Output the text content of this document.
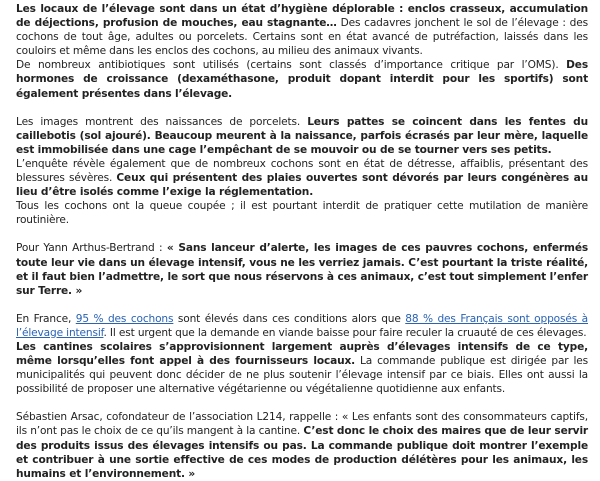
Les locaux de l’élevage sont dans un état d’hygiène déplorable : enclos crasseux, accumulation de déjections, profusion de mouches, eau stagnante… Des cadavres jonchent le sol de l’élevage : des cochons de tout âge, adultes ou porcelets. Certains sont en état avancé de putréfaction, laissés dans les couloirs et même dans les enclos des cochons, au milieu des animaux vivants.

De nombreux antibiotiques sont utilisés (certains sont classés d’importance critique par l’OMS). Des hormones de croissance (dexaméthasone, produit dopant interdit pour les sportifs) sont également présentes dans l’élevage.

Les images montrent des naissances de porcelets. Leurs pattes se coincent dans les fentes du caillebotis (sol ajouré). Beaucoup meurent à la naissance, parfois écrasés par leur mère, laquelle est immobilisée dans une cage l’empêchant de se mouvoir ou de se tourner vers ses petits.

L’enquête révèle également que de nombreux cochons sont en état de détresse, affaiblis, présentant des blessures sévères. Ceux qui présentent des plaies ouvertes sont dévorés par leurs congénères au lieu d’être isolés comme l’exige la réglementation.

Tous les cochons ont la queue coupée ; il est pourtant interdit de pratiquer cette mutilation de manière routinière.

Pour Yann Arthus-Bertrand : « Sans lanceur d’alerte, les images de ces pauvres cochons, enfermés toute leur vie dans un élevage intensif, vous ne les verriez jamais. C’est pourtant la triste réalité, et il faut bien l’admettre, le sort que nous réservons à ces animaux, c’est tout simplement l’enfer sur Terre. »

En France, 95 % des cochons sont élevés dans ces conditions alors que 88 % des Français sont opposés à l’élevage intensif. Il est urgent que la demande en viande baisse pour faire reculer la cruauté de ces élevages.

Les cantines scolaires s’approvisionnent largement auprès d’élevages intensifs de ce type, même lorsqu’elles font appel à des fournisseurs locaux. La commande publique est dirigée par les municipalités qui peuvent donc décider de ne plus soutenir l’élevage intensif par ce biais. Elles ont aussi la possibilité de proposer une alternative végétarienne ou végétalienne quotidienne aux enfants.

Sébastien Arsac, cofondateur de l’association L214, rappelle : « Les enfants sont des consommateurs captifs, ils n’ont pas le choix de ce qu’ils mangent à la cantine. C’est donc le choix des maires que de leur servir des produits issus des élevages intensifs ou pas. La commande publique doit montrer l’exemple et contribuer à une sortie effective de ces modes de production délétères pour les animaux, les humains et l’environnement. »
